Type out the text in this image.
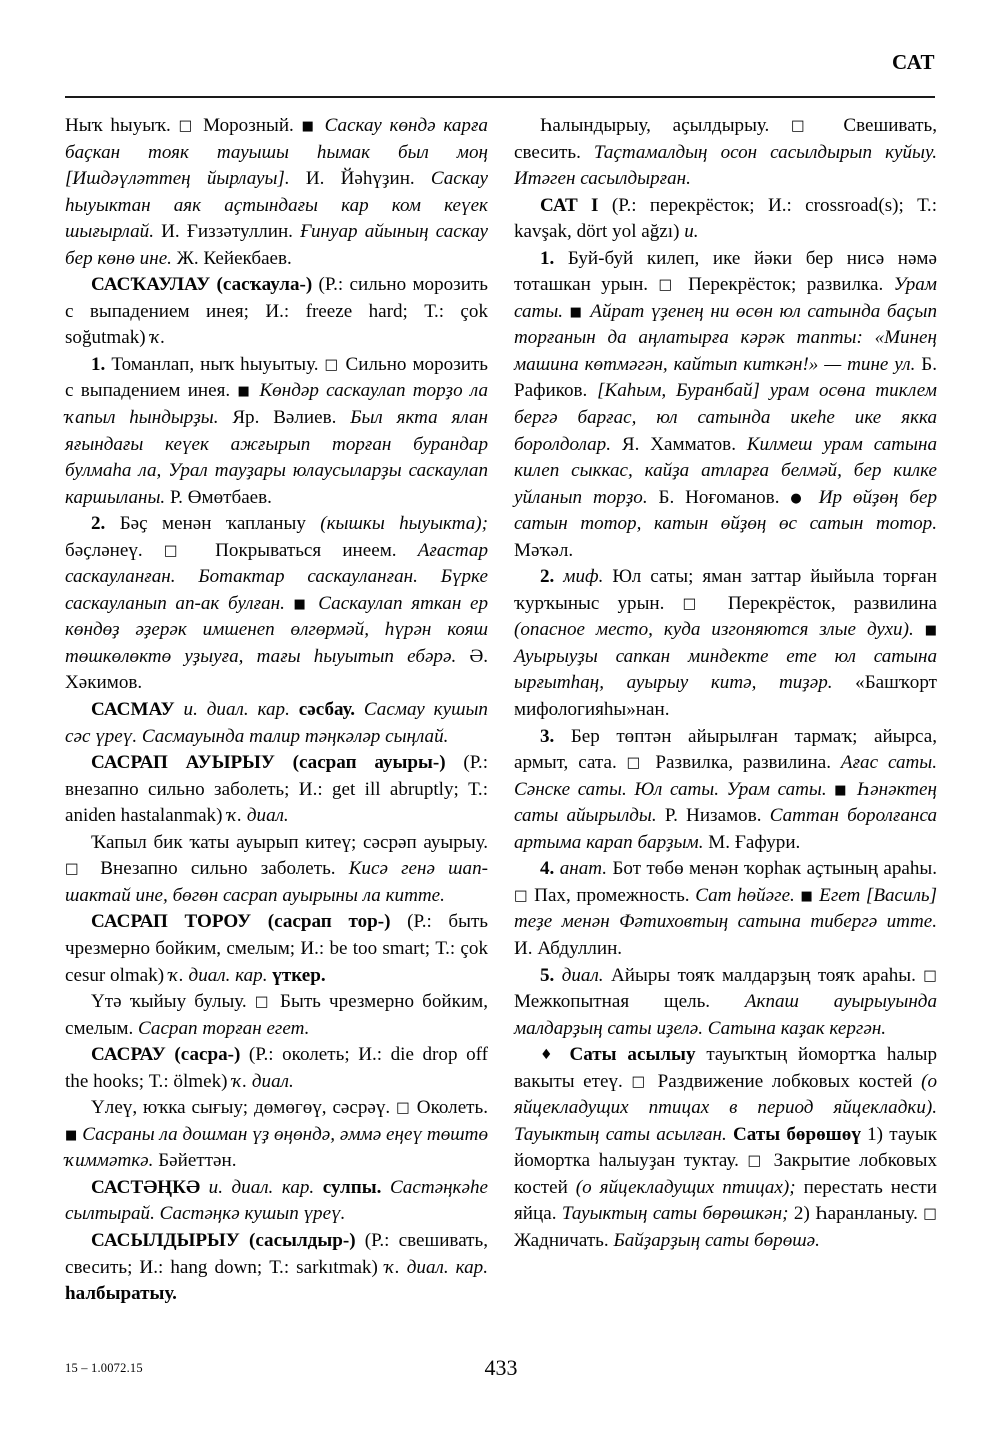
САТ

Ныҡ һыуыҡ. □ Морозный. ■ Саскау көндә карға баҫкан тояк тауышы һымак был моң [Ишдәүләттең йырлауы]. И. Йәһүҙин. Саскау һыуыктан аяк аҫтындағы кар ком кеүек шығырлай. И. Ғиззәтуллин. Ғинуар айының саскау бер көнө ине. Ж. Кейекбаев.

САСҠАУЛАУ (сасҡаула-) (Р.: сильно морозить с выпадением инея; И.: freeze hard; Т.: çok soğutmak) ҡ.

1. Томанлап, ныҡ һыуытыу. □ Сильно морозить с выпадением инея. ■ Көндәр саскаулап торҙо ла ҡапыл һындырҙы. Яр. Вәлиев. Был якта ялан яғындағы кеүек ажғырып торған бурандар булмаһа ла, Урал тауҙары юлаусыларҙы саскаулап каршыланы. Р. Өмөтбаев.

2. Бәҫ менән ҡапланыу (кышкы һыуыкта); бәҫләнеү. □ Покрываться инеем. Ағастар саскауланған. Ботактар саскауланған. Бүрке саскауланып ап-ак булған. ■ Саскаулап яткан ер көндөҙ әҙерәк имшенеп өлгөрмәй, һүрән кояш төшкөлөктө уҙыуға, тағы һыуытып ебәрә. Ә. Хәкимов.

САСМАУ и. диал. кар. сәсбау. Сасмау кушып сәс үреү. Сасмауында талир тәңкәләр сыңлай.

САСРАП АУЫРЫУ (сасрап ауыры-) (Р.: внезапно сильно заболеть; И.: get ill abruptly; Т.: aniden hastalanmak) ҡ. диал.

Ҡапыл бик ҡаты ауырып китеү; сәсрәп ауырыу. □ Внезапно сильно заболеть. Кисә генә шап-шактай ине, бөгөн сасрап ауырыны ла китте.

САСРАП ТОРОУ (сасрап тор-) (Р.: быть чрезмерно бойким, смелым; И.: be too smart; Т.: çok cesur olmak) ҡ. диал. кар. үткер.

Үтә ҡыйыу булыу. □ Быть чрезмерно бойким, смелым. Сасрап торған егет.

САСРАУ (сасра-) (Р.: околеть; И.: die drop off the hooks; Т.: ölmek) ҡ. диал.

Үлеү, юҡка сығыу; дөмөгөү, сәсрәү. □ Околеть. ■ Сасраны ла дошман үҙ өңөндә, әммә еңеү төштө ҡиммәткә. Бәйеттән.

САСТӘҢКӘ и. диал. кар. сулпы. Састәңкәһе сылтырай. Састәңкә кушып үреү.

САСЫЛДЫРЫУ (сасылдыр-) (Р.: свешивать, свесить; И.: hang down; Т.: sarkıtmak) ҡ. диал. кар. һалбыратыу.

Һалындырыу, аҫылдырыу. □ Свешивать, свесить. Таҫтамалдың осон сасылдырып куйыу. Итәген сасылдырған.

САТ I (Р.: перекрёсток; И.: crossroad(s); Т.: kavşak, dört yol ağzı) и.

1. Буй-буй килеп, ике йәки бер нисә нәмә тоташкан урын. □ Перекрёсток; развилка. Урам саты. ■ Айрат үҙенең ни өсөн юл сатында баҫып торғанын да аңлатырға кәрәк тапты: «Минең машина көтмәгән, кайтып киткән!» — тине ул. Б. Рафиков. [Каһым, Буранбай] урам осөна тиклем бергә барғас, юл сатында икеһе ике якка боролдолар. Я. Хамматов. Килмеш урам сатына килеп сыккас, кайҙа атларға белмәй, бер килке уйланып торҙо. Б. Ноғоманов. ● Ир өйҙөң бер сатын тотор, катын өйҙөң өс сатын тотор. Мәҡәл.

2. миф. Юл саты; яман заттар йыйыла торған ҡурҡыныс урын. □ Перекрёсток, развилина (опасное место, куда изгоняются злые духи). ■ Ауырыуҙы сапкан миндекте ете юл сатына ырғытһаң, ауырыу китә, тиҙәр. «Башҡорт мифологияһы»нан.

3. Бер төптән айырылған тармаҡ; айырса, армыт, сата. □ Развилка, развилина. Ағас саты. Сәнске саты. Юл саты. Урам саты. ■ Һәнәктең саты айырылды. Р. Низамов. Саттан боролғанса артыма карап барҙым. М. Ғафури.

4. анат. Бот төбө менән ҡорһак аҫтының араһы. □ Пах, промежность. Сат һөйәге. ■ Егет [Василь] теҙе менән Фәтиховтың сатына тибергә итте. И. Абдуллин.

5. диал. Айыры тояҡ малдарҙың тояҡ араһы. □ Межкопытная щель. Акпаш ауырыуында малдарҙың саты иҙелә. Сатына каҙак кергән.

♦ Саты асылыу тауыҡтың йомортҡа һалыр вакыты етеү. □ Раздвижение лобковых костей (о яйцекладущих птицах в период яйцекладки). Тауыктың саты асылған. Саты бөрөшөү 1) тауык йомортка һалыуҙан туктау. □ Закрытие лобковых костей (о яйцекладущих птицах); перестать нести яйца. Тауыктың саты бөрөшкән; 2) Һаранланыу. □ Жадничать. Байҙарҙың саты бөрөшә.

15 – 1.0072.15	433
